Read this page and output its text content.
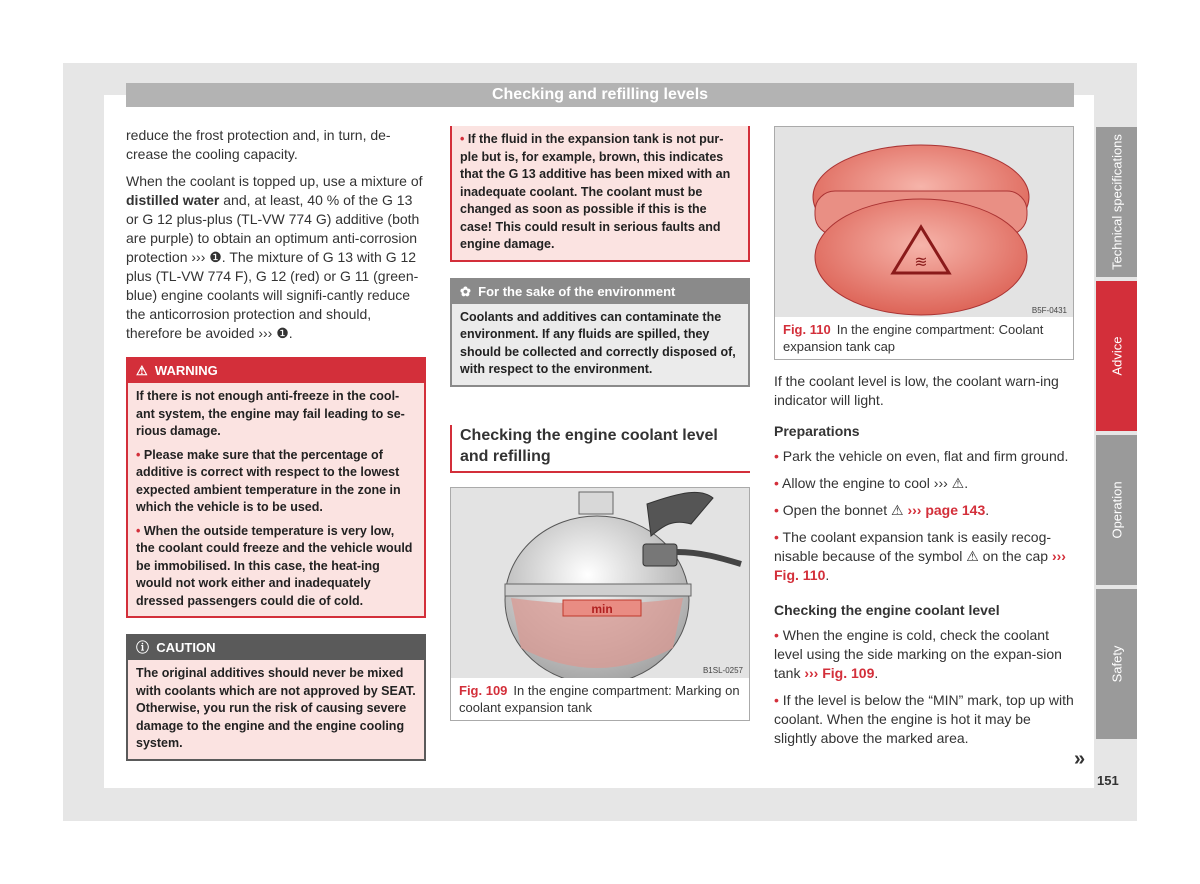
Checking and refilling levels

reduce the frost protection and, in turn, de-crease the cooling capacity.

When the coolant is topped up, use a mixture of distilled water and, at least, 40 % of the G 13 or G 12 plus-plus (TL-VW 774 G) additive (both are purple) to obtain an optimum anti-corrosion protection ››› ❶. The mixture of G 13 with G 12 plus (TL-VW 774 F), G 12 (red) or G 11 (green-blue) engine coolants will signifi-cantly reduce the anticorrosion protection and should, therefore be avoided ››› ❶.

⚠ WARNING

If there is not enough anti-freeze in the cool-ant system, the engine may fail leading to se-rious damage.

• Please make sure that the percentage of additive is correct with respect to the lowest expected ambient temperature in the zone in which the vehicle is to be used.

• When the outside temperature is very low, the coolant could freeze and the vehicle would be immobilised. In this case, the heat-ing would not work either and inadequately dressed passengers could die of cold.

ⓘ CAUTION
The original additives should never be mixed with coolants which are not approved by SEAT. Otherwise, you run the risk of causing severe damage to the engine and the engine cooling system.
• If the fluid in the expansion tank is not pur-ple but is, for example, brown, this indicates that the G 13 additive has been mixed with an inadequate coolant. The coolant must be changed as soon as possible if this is the case! This could result in serious faults and engine damage.
✿ For the sake of the environment
Coolants and additives can contaminate the environment. If any fluids are spilled, they should be collected and correctly disposed of, with respect to the environment.
Checking the engine coolant level and refilling
min
B1SL-0257
Fig. 109 In the engine compartment: Marking on coolant expansion tank
≋
B5F-0431
Fig. 110 In the engine compartment: Coolant expansion tank cap

If the coolant level is low, the coolant warn-ing indicator will light.

Preparations

• Park the vehicle on even, flat and firm ground.

• Allow the engine to cool ››› ⚠.

• Open the bonnet ⚠ ››› page 143.

• The coolant expansion tank is easily recog-nisable because of the symbol ⚠ on the cap ››› Fig. 110.

Checking the engine coolant level

• When the engine is cold, check the coolant level using the side marking on the expan-sion tank ››› Fig. 109.

• If the level is below the “MIN” mark, top up with coolant. When the engine is hot it may be slightly above the marked area.

»
Technical specifications
Advice
Operation
Safety
151
